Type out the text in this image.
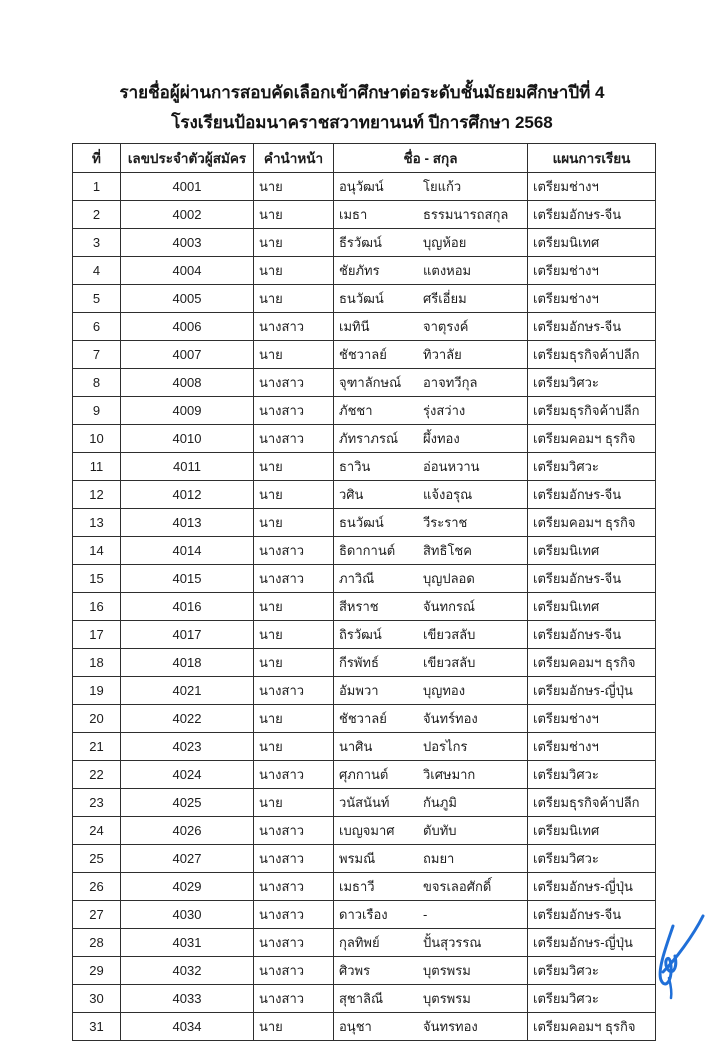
รายชื่อผู้ผ่านการสอบคัดเลือกเข้าศึกษาต่อระดับชั้นมัธยมศึกษาปีที่ 4
โรงเรียนป้อมนาคราชสวาทยานนท์ ปีการศึกษา 2568
ที่	เลขประจำตัวผู้สมัคร	คำนำหน้า	ชื่อ - สกุล	แผนการเรียน
1	4001	นาย	อนุวัฒน์ โยแก้ว	เตรียมช่างฯ
2	4002	นาย	เมธา ธรรมนารถสกุล	เตรียมอักษร-จีน
3	4003	นาย	ธีรวัฒน์ บุญห้อย	เตรียมนิเทศ
4	4004	นาย	ชัยภัทร แตงหอม	เตรียมช่างฯ
5	4005	นาย	ธนวัฒน์ ศรีเอี่ยม	เตรียมช่างฯ
6	4006	นางสาว	เมทินี จาตุรงค์	เตรียมอักษร-จีน
7	4007	นาย	ชัชวาลย์ ทิวาลัย	เตรียมธุรกิจค้าปลีก
8	4008	นางสาว	จุฑาลักษณ์ อาจทวีกุล	เตรียมวิศวะ
9	4009	นางสาว	ภัชชา รุ่งสว่าง	เตรียมธุรกิจค้าปลีก
10	4010	นางสาว	ภัทราภรณ์ ผึ้งทอง	เตรียมคอมฯ ธุรกิจ
11	4011	นาย	ธาวิน อ่อนหวาน	เตรียมวิศวะ
12	4012	นาย	วศิน แจ้งอรุณ	เตรียมอักษร-จีน
13	4013	นาย	ธนวัฒน์ วีระราช	เตรียมคอมฯ ธุรกิจ
14	4014	นางสาว	ธิดากานต์ สิทธิโชค	เตรียมนิเทศ
15	4015	นางสาว	ภาวิณี บุญปลอด	เตรียมอักษร-จีน
16	4016	นาย	สีหราช จันทกรณ์	เตรียมนิเทศ
17	4017	นาย	ถิรวัฒน์ เขียวสลับ	เตรียมอักษร-จีน
18	4018	นาย	กีรพัทธ์ เขียวสลับ	เตรียมคอมฯ ธุรกิจ
19	4021	นางสาว	อัมพวา บุญทอง	เตรียมอักษร-ญี่ปุ่น
20	4022	นาย	ชัชวาลย์ จันทร์ทอง	เตรียมช่างฯ
21	4023	นาย	นาศิน ปอรไกร	เตรียมช่างฯ
22	4024	นางสาว	ศุภกานต์ วิเศษมาก	เตรียมวิศวะ
23	4025	นาย	วนัสนันท์ กันภูมิ	เตรียมธุรกิจค้าปลีก
24	4026	นางสาว	เบญจมาศ ตับทับ	เตรียมนิเทศ
25	4027	นางสาว	พรมณี ถมยา	เตรียมวิศวะ
26	4029	นางสาว	เมธาวี ขจรเลอศักดิ์	เตรียมอักษร-ญี่ปุ่น
27	4030	นางสาว	ดาวเรือง -	เตรียมอักษร-จีน
28	4031	นางสาว	กุลทิพย์ ปั้นสุวรรณ	เตรียมอักษร-ญี่ปุ่น
29	4032	นางสาว	ศิวพร บุตรพรม	เตรียมวิศวะ
30	4033	นางสาว	สุชาลิณี บุตรพรม	เตรียมวิศวะ
31	4034	นาย	อนุชา จันทรทอง	เตรียมคอมฯ ธุรกิจ
